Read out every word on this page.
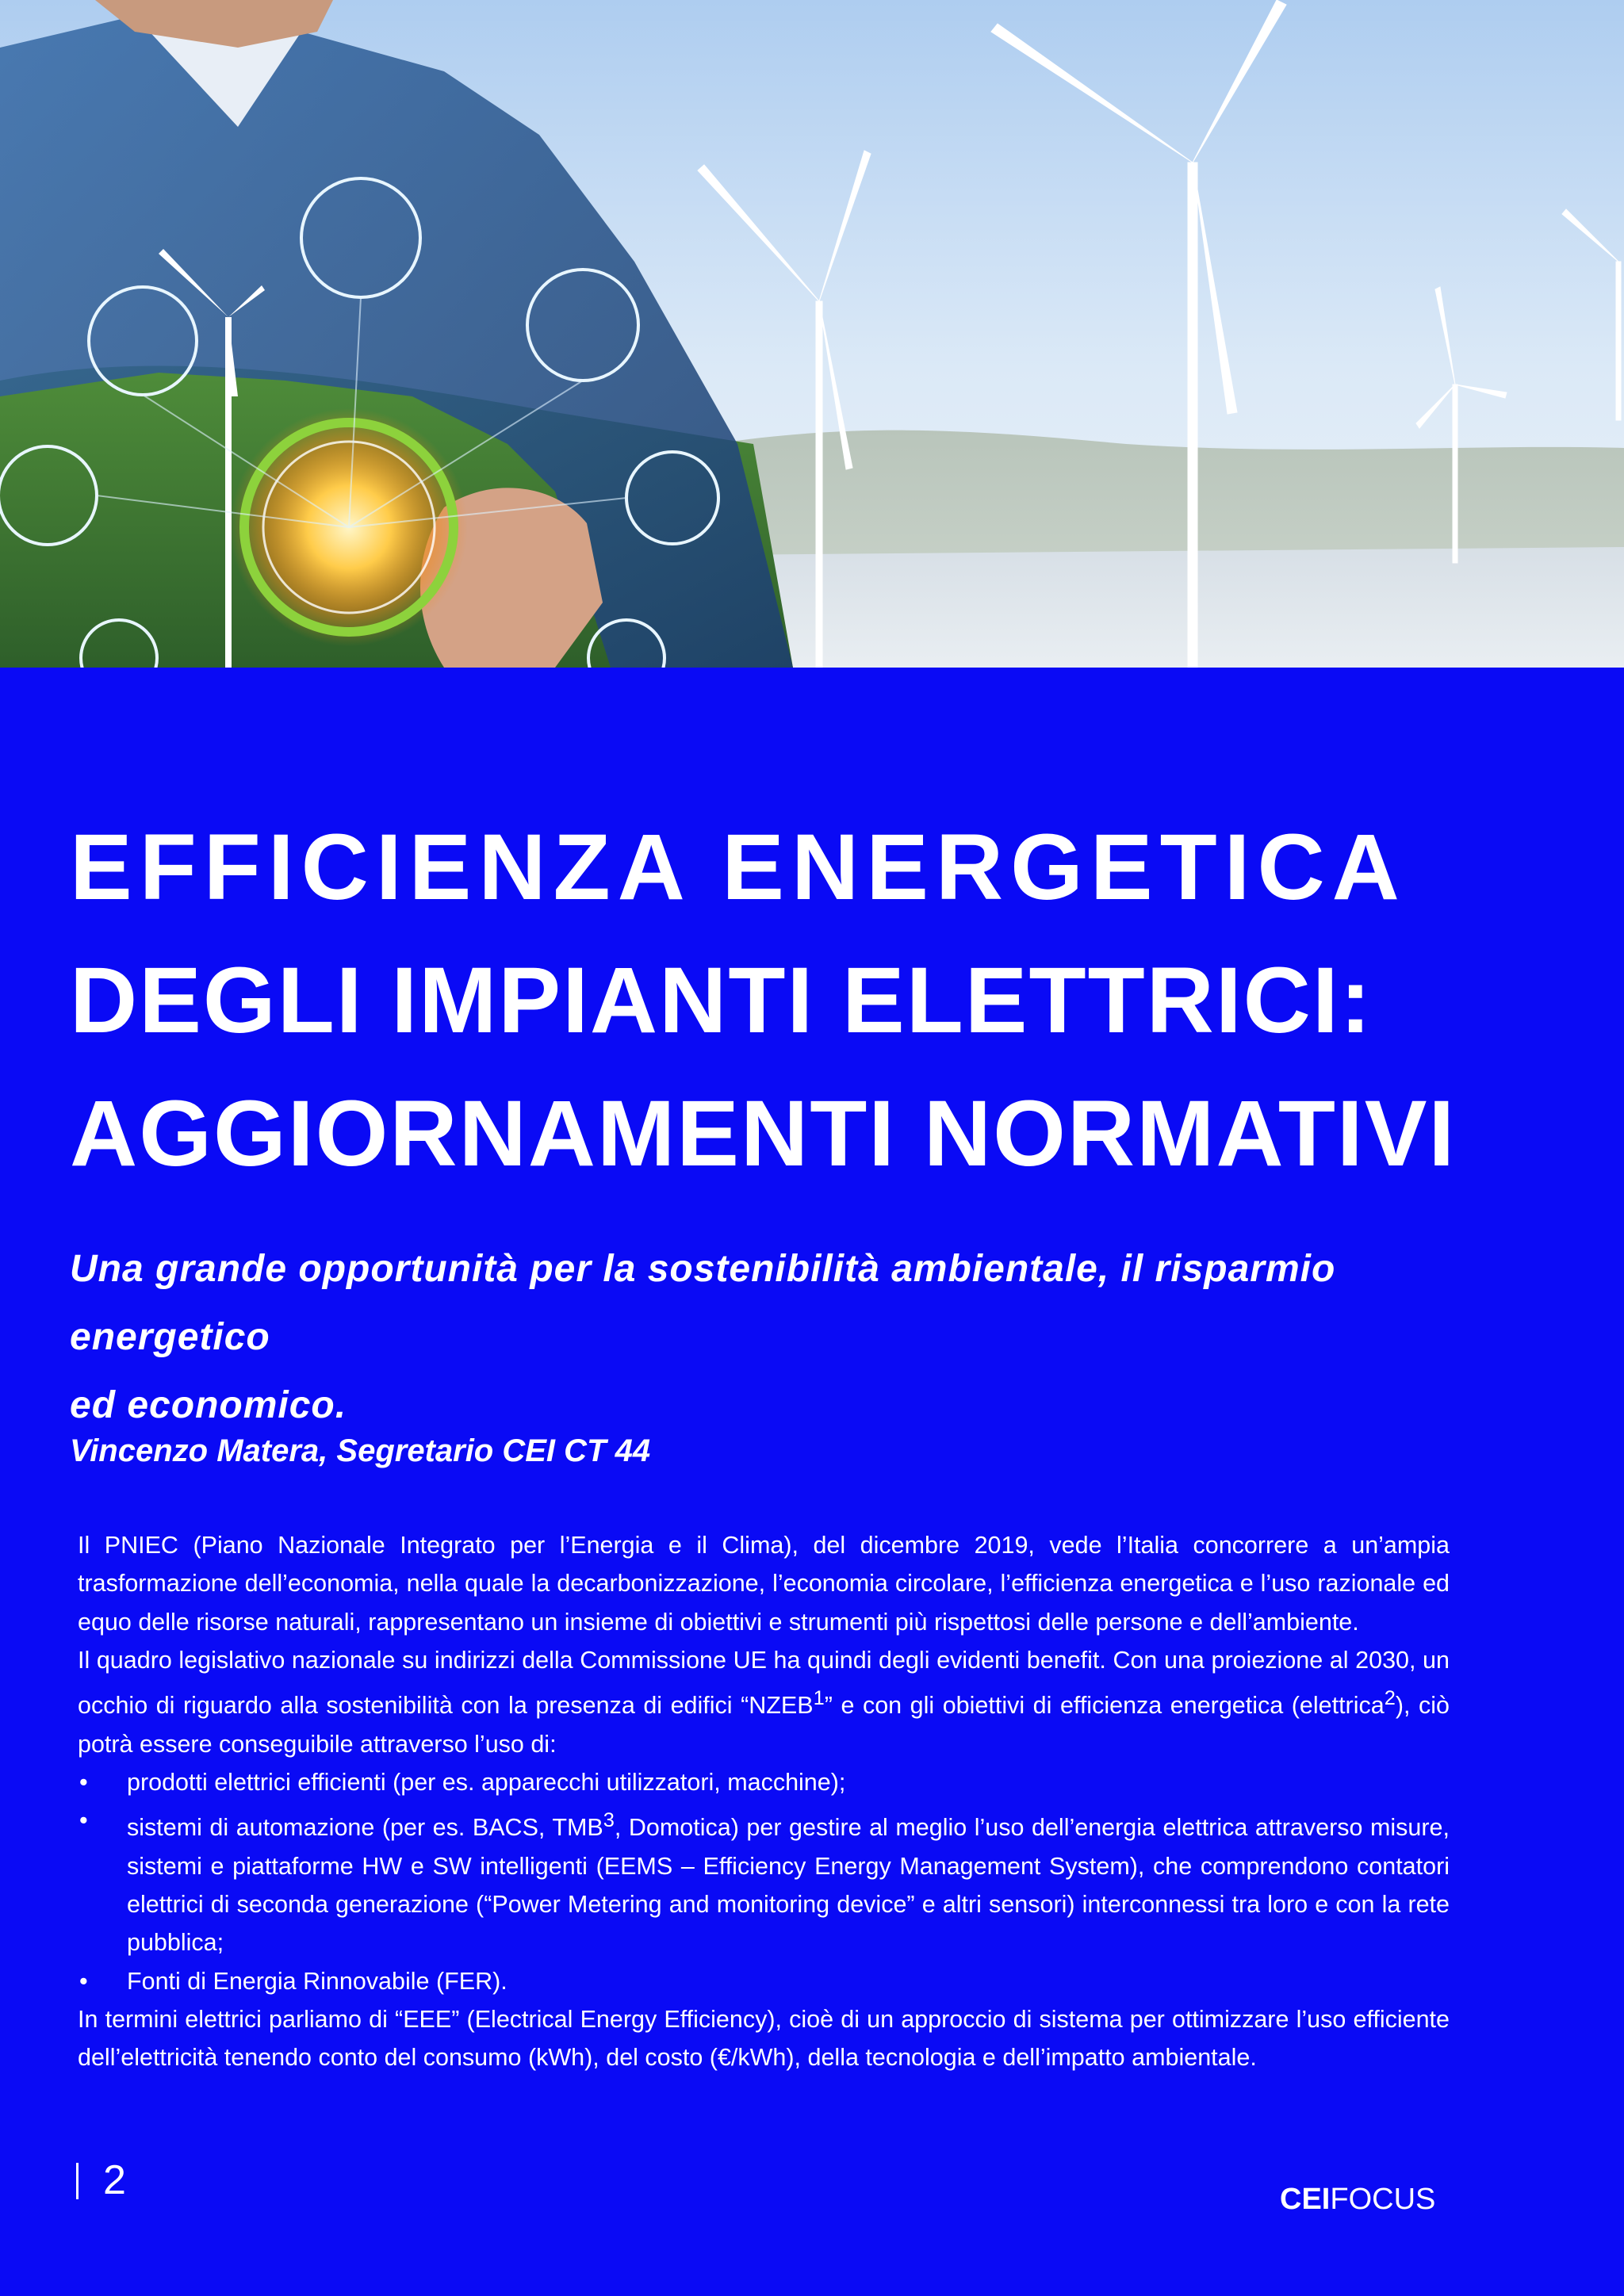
EFFICIENZA ENERGETICA
DEGLI IMPIANTI ELETTRICI:
AGGIORNAMENTI NORMATIVI

Una grande opportunità per la sostenibilità ambientale, il risparmio energetico
ed economico.

Vincenzo Matera, Segretario CEI CT 44

Il PNIEC (Piano Nazionale Integrato per l’Energia e il Clima), del dicembre 2019, vede l’Italia concorrere a un’ampia trasformazione dell’economia, nella quale la decarbonizzazione, l’economia circolare, l’efficienza energetica e l’uso razionale ed equo delle risorse naturali, rappresentano un insieme di obiettivi e strumenti più rispettosi delle persone e dell’ambiente.

Il quadro legislativo nazionale su indirizzi della Commissione UE ha quindi degli evidenti benefit. Con una proiezione al 2030, un occhio di riguardo alla sostenibilità con la presenza di edifici “NZEB$^1$” e con gli obiettivi di efficienza energetica (elettrica$^2$), ciò potrà essere conseguibile attraverso l’uso di:

• prodotti elettrici efficienti (per es. apparecchi utilizzatori, macchine);
• sistemi di automazione (per es. BACS, TMB$^3$, Domotica) per gestire al meglio l’uso dell’energia elettrica attraverso misure, sistemi e piattaforme HW e SW intelligenti (EEMS – Efficiency Energy Management System), che comprendono contatori elettrici di seconda generazione (“Power Metering and monitoring device” e altri sensori) interconnessi tra loro e con la rete pubblica;
• Fonti di Energia Rinnovabile (FER).

In termini elettrici parliamo di “EEE” (Electrical Energy Efficiency), cioè di un approccio di sistema per ottimizzare l’uso efficiente dell’elettricità tenendo conto del consumo (kWh), del costo (€/kWh), della tecnologia e dell’impatto ambientale.

2	CEIFOCUS
